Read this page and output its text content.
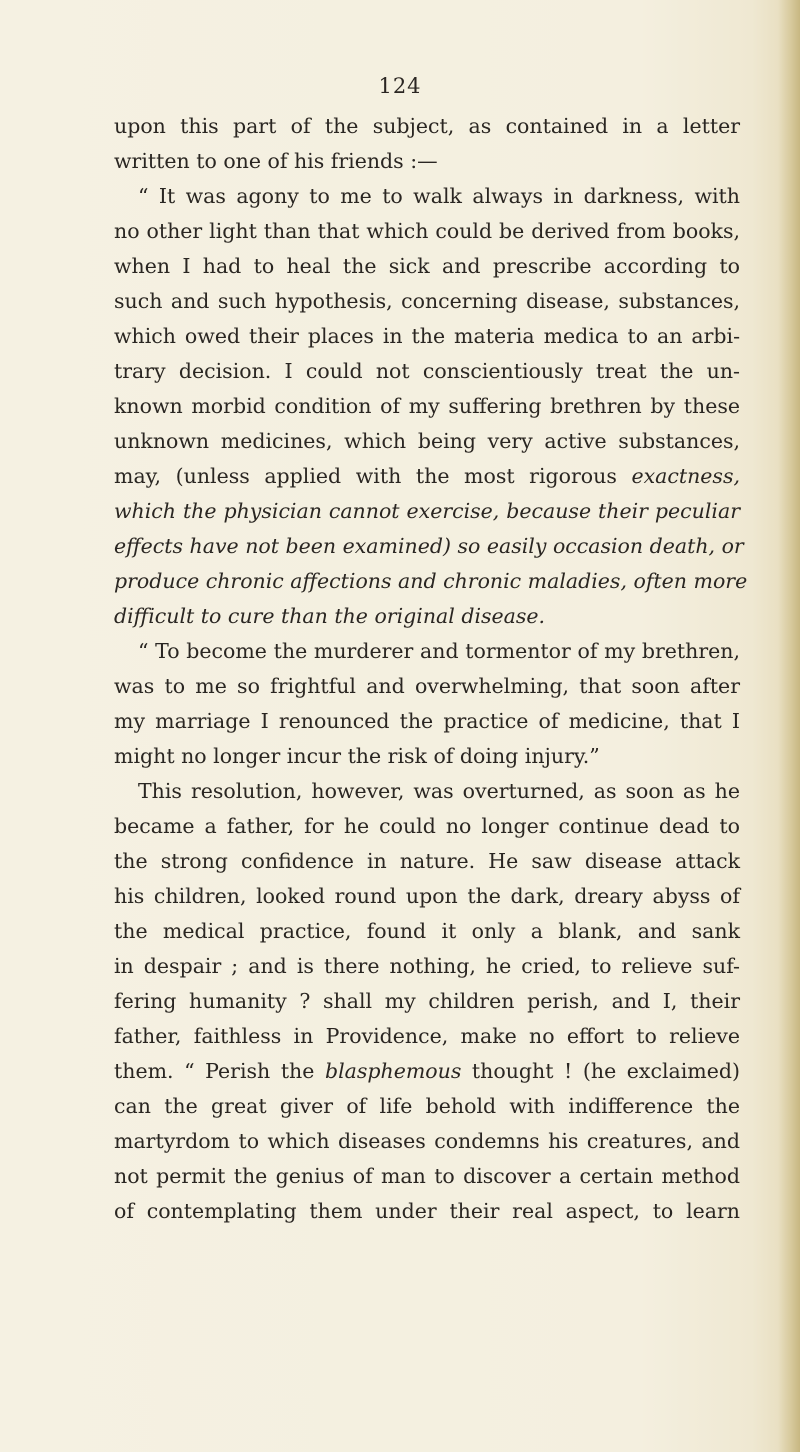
124
upon this part of the subject, as contained in a letter
written to one of his friends :—
“ It was agony to me to walk always in darkness, with
no other light than that which could be derived from books,
when I had to heal the sick and prescribe according to
such and such hypothesis, concerning disease, substances,
which owed their places in the materia medica to an arbi-
trary decision. I could not conscientiously treat the un-
known morbid condition of my suffering brethren by these
unknown medicines, which being very active substances,
may, (unless applied with the most rigorous exactness,
which the physician cannot exercise, because their peculiar
effects have not been examined) so easily occasion death, or
produce chronic affections and chronic maladies, often more
difficult to cure than the original disease.
“ To become the murderer and tormentor of my brethren,
was to me so frightful and overwhelming, that soon after
my marriage I renounced the practice of medicine, that I
might no longer incur the risk of doing injury.”
This resolution, however, was overturned, as soon as he
became a father, for he could no longer continue dead to
the strong confidence in nature. He saw disease attack
his children, looked round upon the dark, dreary abyss of
the medical practice, found it only a blank, and sank
in despair ; and is there nothing, he cried, to relieve suf-
fering humanity ? shall my children perish, and I, their
father, faithless in Providence, make no effort to relieve
them. “ Perish the blasphemous thought ! (he exclaimed)
can the great giver of life behold with indifference the
martyrdom to which diseases condemns his creatures, and
not permit the genius of man to discover a certain method
of contemplating them under their real aspect, to learn
